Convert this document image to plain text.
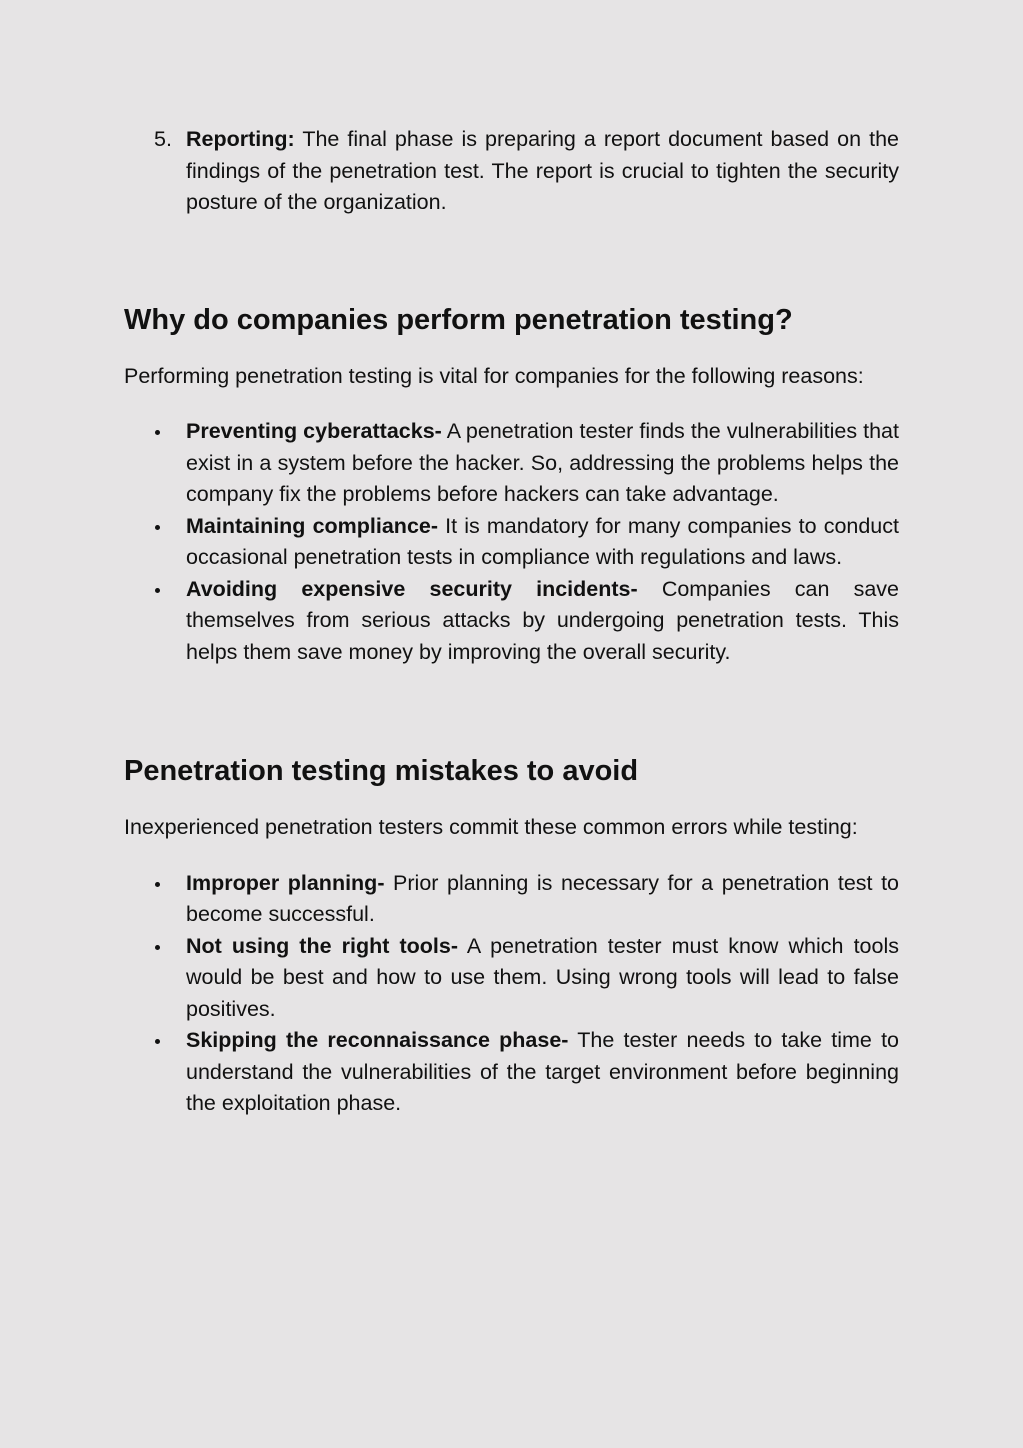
5. Reporting: The final phase is preparing a report document based on the findings of the penetration test. The report is crucial to tighten the security posture of the organization.
Why do companies perform penetration testing?

Performing penetration testing is vital for companies for the following reasons:

Preventing cyberattacks- A penetration tester finds the vulnerabilities that exist in a system before the hacker. So, addressing the problems helps the company fix the problems before hackers can take advantage.
Maintaining compliance- It is mandatory for many companies to conduct occasional penetration tests in compliance with regulations and laws.
Avoiding expensive security incidents- Companies can save themselves from serious attacks by undergoing penetration tests. This helps them save money by improving the overall security.
Penetration testing mistakes to avoid

Inexperienced penetration testers commit these common errors while testing:

Improper planning- Prior planning is necessary for a penetration test to become successful.
Not using the right tools- A penetration tester must know which tools would be best and how to use them. Using wrong tools will lead to false positives.
Skipping the reconnaissance phase- The tester needs to take time to understand the vulnerabilities of the target environment before beginning the exploitation phase.
